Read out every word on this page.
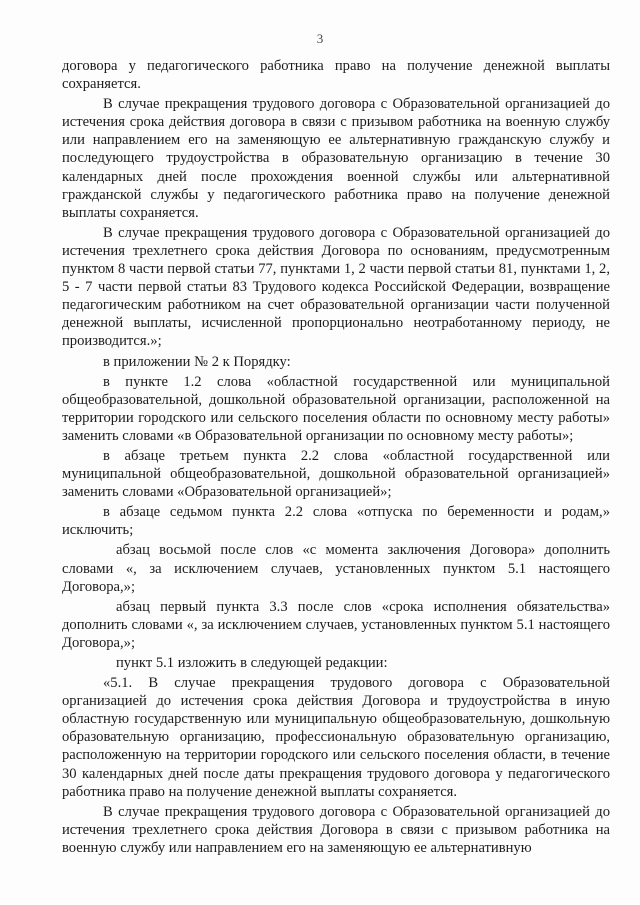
3

договора у педагогического работника право на получение денежной выплаты сохраняется.

В случае прекращения трудового договора с Образовательной организацией до истечения срока действия договора в связи с призывом работника на военную службу или направлением его на заменяющую ее альтернативную гражданскую службу и последующего трудоустройства в образовательную организацию в течение 30 календарных дней после прохождения военной службы или альтернативной гражданской службы у педагогического работника право на получение денежной выплаты сохраняется.

В случае прекращения трудового договора с Образовательной организацией до истечения трехлетнего срока действия Договора по основаниям, предусмотренным пунктом 8 части первой статьи 77, пунктами 1, 2 части первой статьи 81, пунктами 1, 2, 5 - 7 части первой статьи 83 Трудового кодекса Российской Федерации, возвращение педагогическим работником на счет образовательной организации части полученной денежной выплаты, исчисленной пропорционально неотработанному периоду, не производится.»;

в приложении № 2 к Порядку:

в пункте 1.2 слова «областной государственной или муниципальной общеобразовательной, дошкольной образовательной организации, расположенной на территории городского или сельского поселения области по основному месту работы» заменить словами «в Образовательной организации по основному месту работы»;

в абзаце третьем пункта 2.2 слова «областной государственной или муниципальной общеобразовательной, дошкольной образовательной организацией» заменить словами «Образовательной организацией»;

в абзаце седьмом пункта 2.2 слова «отпуска по беременности и родам,» исключить;

абзац восьмой после слов «с момента заключения Договора» дополнить словами «, за исключением случаев, установленных пунктом 5.1 настоящего Договора,»;

абзац первый пункта 3.3 после слов «срока исполнения обязательства» дополнить словами «, за исключением случаев, установленных пунктом 5.1 настоящего Договора,»;

пункт 5.1 изложить в следующей редакции:

«5.1. В случае прекращения трудового договора с Образовательной организацией до истечения срока действия Договора и трудоустройства в иную областную государственную или муниципальную общеобразовательную, дошкольную образовательную организацию, профессиональную образовательную организацию, расположенную на территории городского или сельского поселения области, в течение 30 календарных дней после даты прекращения трудового договора у педагогического работника право на получение денежной выплаты сохраняется.

В случае прекращения трудового договора с Образовательной организацией до истечения трехлетнего срока действия Договора в связи с призывом работника на военную службу или направлением его на заменяющую ее альтернативную
